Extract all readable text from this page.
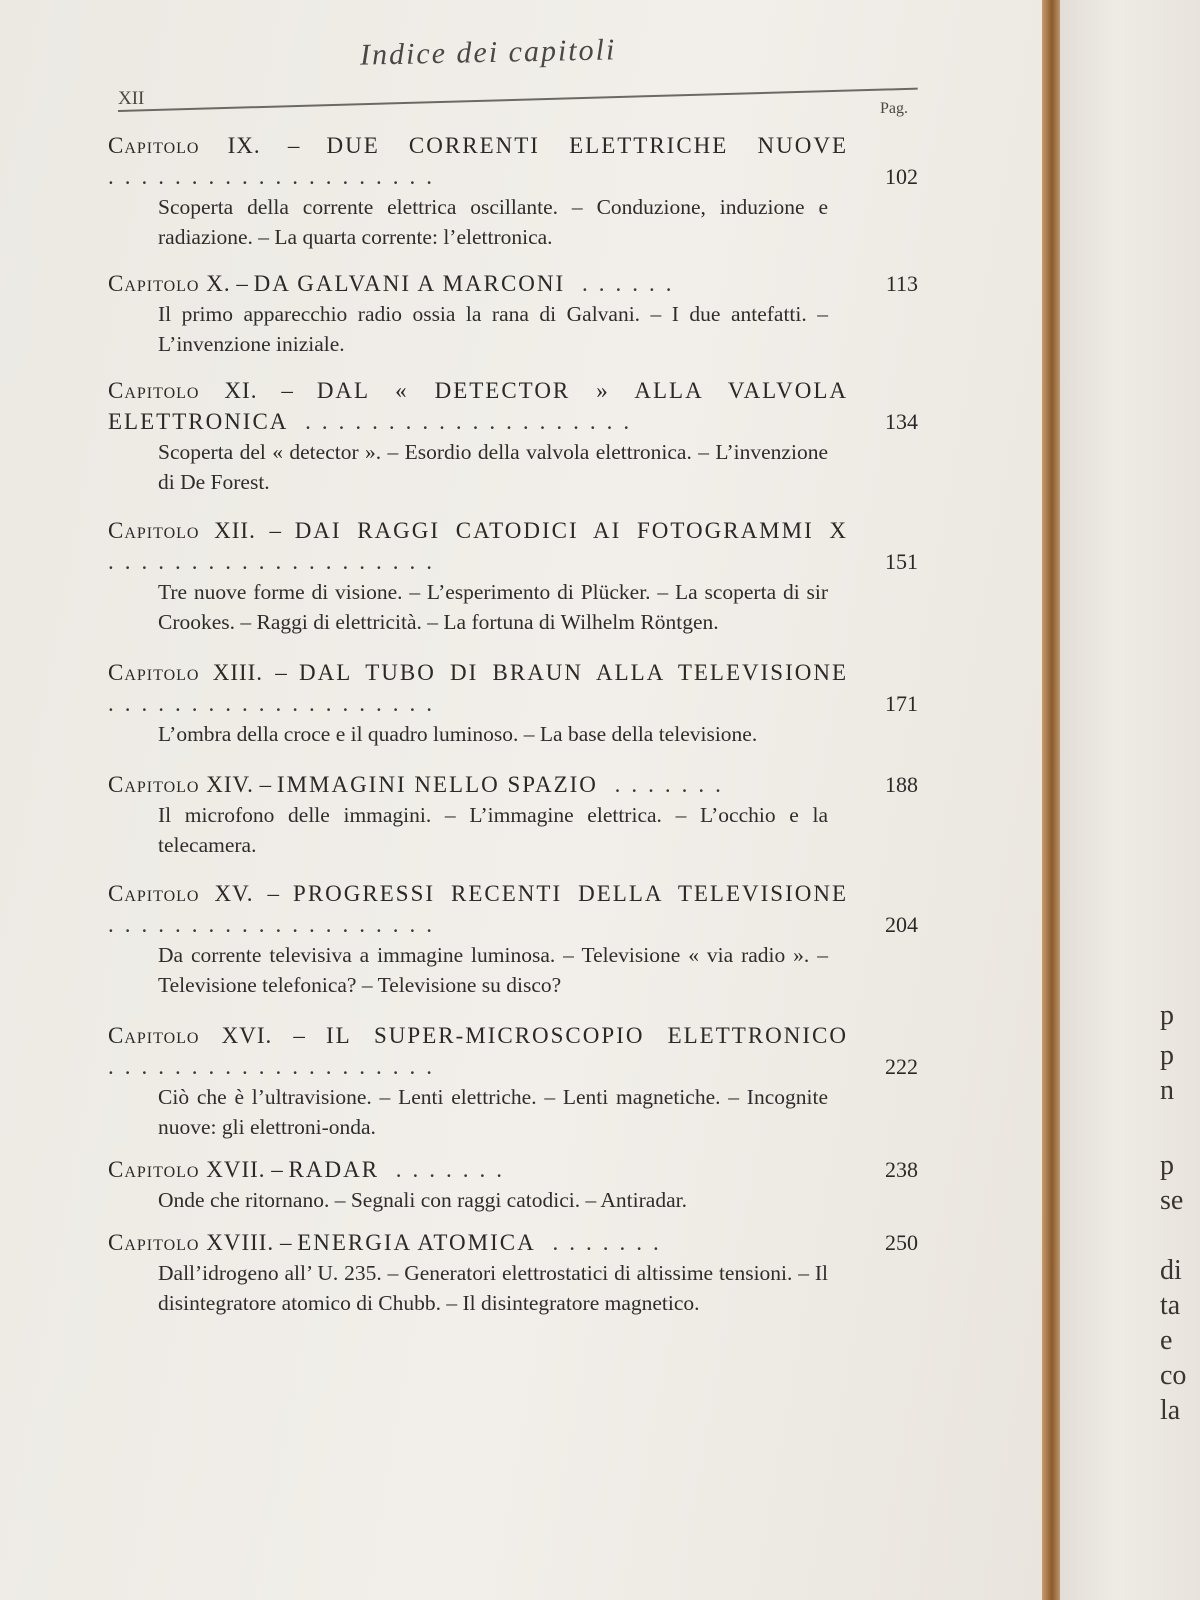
Indice dei capitoli
XII	Pag.
Capitolo IX. – DUE CORRENTI ELETTRICHE NUOVE ....................	102
Scoperta della corrente elettrica oscillante. – Conduzione, induzione e radiazione. – La quarta corrente: l’elettronica.
Capitolo X. – DA GALVANI A MARCONI ......	113
Il primo apparecchio radio ossia la rana di Galvani. – I due antefatti. – L’invenzione iniziale.
Capitolo XI. – DAL « DETECTOR » ALLA VALVOLA ELETTRONICA ....................	134
Scoperta del « detector ». – Esordio della valvola elettronica. – L’invenzione di De Forest.
Capitolo XII. – DAI RAGGI CATODICI AI FOTOGRAMMI X ....................	151
Tre nuove forme di visione. – L’esperimento di Plücker. – La scoperta di sir Crookes. – Raggi di elettricità. – La fortuna di Wilhelm Röntgen.
Capitolo XIII. – DAL TUBO DI BRAUN ALLA TELEVISIONE ....................	171
L’ombra della croce e il quadro luminoso. – La base della televisione.
Capitolo XIV. – IMMAGINI NELLO SPAZIO .......	188
Il microfono delle immagini. – L’immagine elettrica. – L’occhio e la telecamera.
Capitolo XV. – PROGRESSI RECENTI DELLA TELEVISIONE ....................	204
Da corrente televisiva a immagine luminosa. – Televisione « via radio ». – Televisione telefonica? – Televisione su disco?
Capitolo XVI. – IL SUPER-MICROSCOPIO ELETTRONICO ....................	222
Ciò che è l’ultravisione. – Lenti elettriche. – Lenti magnetiche. – Incognite nuove: gli elettroni-onda.
Capitolo XVII. – RADAR .......	238
Onde che ritornano. – Segnali con raggi catodici. – Antiradar.
Capitolo XVIII. – ENERGIA ATOMICA .......	250
Dall’idrogeno all’ U. 235. – Generatori elettrostatici di altissime tensioni. – Il disintegratore atomico di Chubb. – Il disintegratore magnetico.
p
p
n
p
se
di
ta
e
co
la
